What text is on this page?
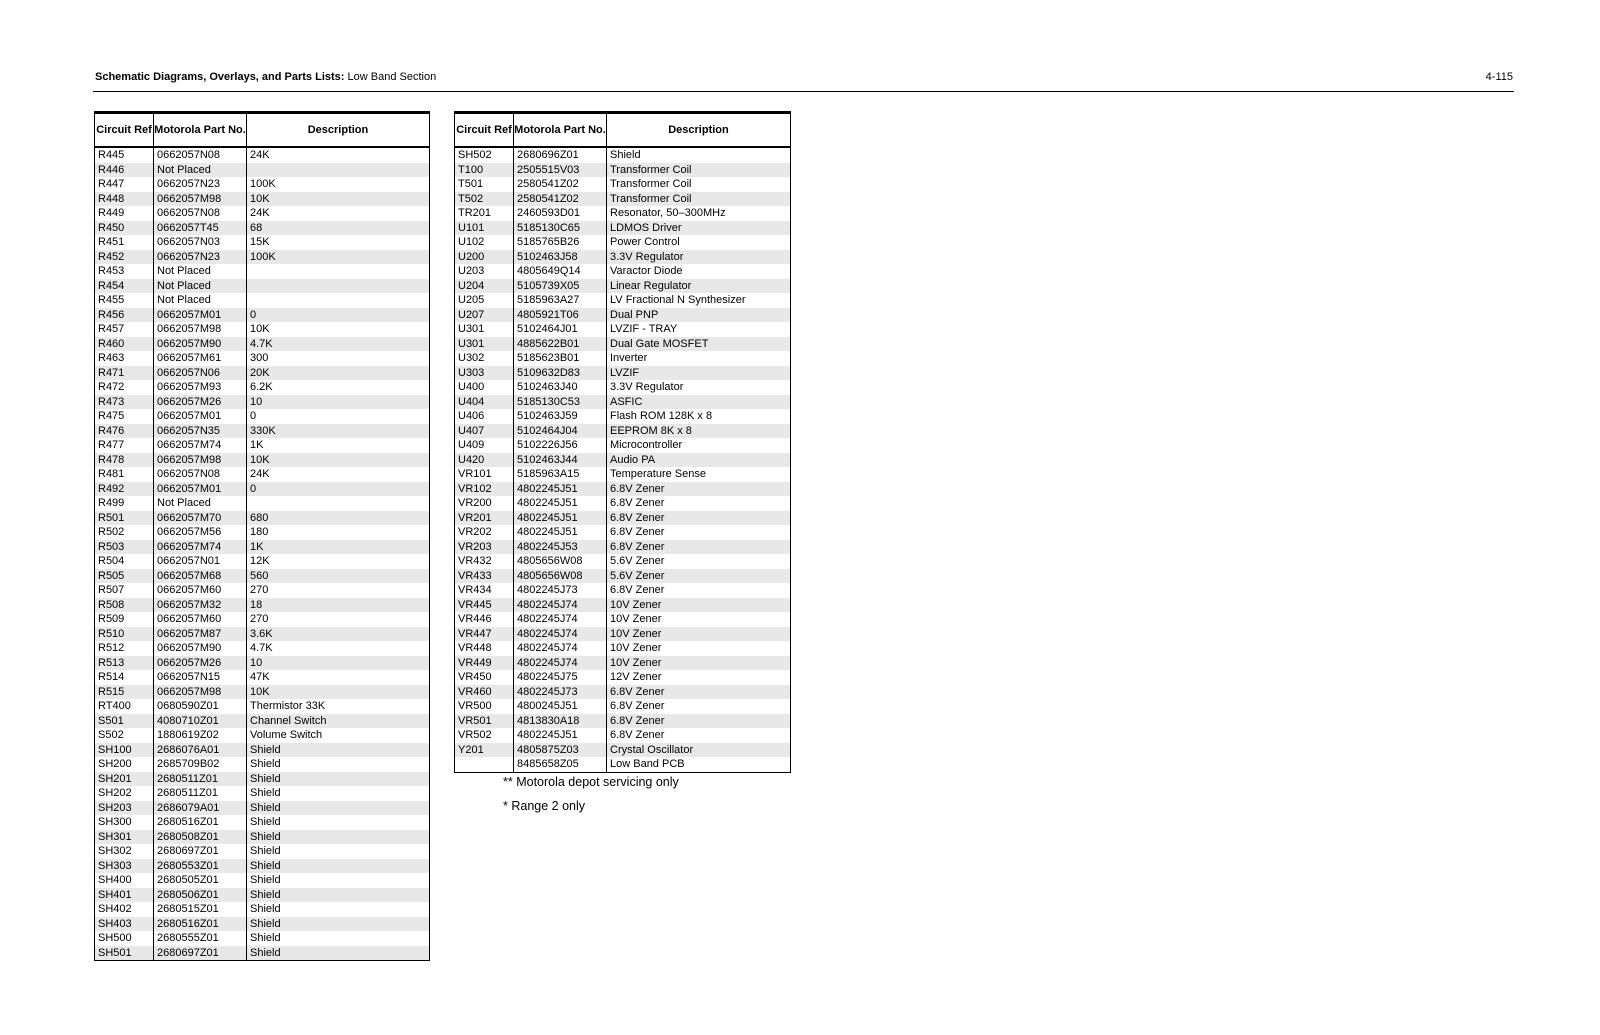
Schematic Diagrams, Overlays, and Parts Lists: Low Band Section	4-115
Circuit Ref	Motorola Part No.	Description
R445	0662057N08	24K
R446	Not Placed	
R447	0662057N23	100K
R448	0662057M98	10K
R449	0662057N08	24K
R450	0662057T45	68
R451	0662057N03	15K
R452	0662057N23	100K
R453	Not Placed	
R454	Not Placed	
R455	Not Placed	
R456	0662057M01	0
R457	0662057M98	10K
R460	0662057M90	4.7K
R463	0662057M61	300
R471	0662057N06	20K
R472	0662057M93	6.2K
R473	0662057M26	10
R475	0662057M01	0
R476	0662057N35	330K
R477	0662057M74	1K
R478	0662057M98	10K
R481	0662057N08	24K
R492	0662057M01	0
R499	Not Placed	
R501	0662057M70	680
R502	0662057M56	180
R503	0662057M74	1K
R504	0662057N01	12K
R505	0662057M68	560
R507	0662057M60	270
R508	0662057M32	18
R509	0662057M60	270
R510	0662057M87	3.6K
R512	0662057M90	4.7K
R513	0662057M26	10
R514	0662057N15	47K
R515	0662057M98	10K
RT400	0680590Z01	Thermistor 33K
S501	4080710Z01	Channel Switch
S502	1880619Z02	Volume Switch
SH100	2686076A01	Shield
SH200	2685709B02	Shield
SH201	2680511Z01	Shield
SH202	2680511Z01	Shield
SH203	2686079A01	Shield
SH300	2680516Z01	Shield
SH301	2680508Z01	Shield
SH302	2680697Z01	Shield
SH303	2680553Z01	Shield
SH400	2680505Z01	Shield
SH401	2680506Z01	Shield
SH402	2680515Z01	Shield
SH403	2680516Z01	Shield
SH500	2680555Z01	Shield
SH501	2680697Z01	Shield
Circuit Ref	Motorola Part No.	Description
SH502	2680696Z01	Shield
T100	2505515V03	Transformer Coil
T501	2580541Z02	Transformer Coil
T502	2580541Z02	Transformer Coil
TR201	2460593D01	Resonator, 50–300MHz
U101	5185130C65	LDMOS Driver
U102	5185765B26	Power Control
U200	5102463J58	3.3V Regulator
U203	4805649Q14	Varactor Diode
U204	5105739X05	Linear Regulator
U205	5185963A27	LV Fractional N Synthesizer
U207	4805921T06	Dual PNP
U301	5102464J01	LVZIF - TRAY
U301	4885622B01	Dual Gate MOSFET
U302	5185623B01	Inverter
U303	5109632D83	LVZIF
U400	5102463J40	3.3V Regulator
U404	5185130C53	ASFIC
U406	5102463J59	Flash ROM 128K x 8
U407	5102464J04	EEPROM 8K x 8
U409	5102226J56	Microcontroller
U420	5102463J44	Audio PA
VR101	5185963A15	Temperature Sense
VR102	4802245J51	6.8V Zener
VR200	4802245J51	6.8V Zener
VR201	4802245J51	6.8V Zener
VR202	4802245J51	6.8V Zener
VR203	4802245J53	6.8V Zener
VR432	4805656W08	5.6V Zener
VR433	4805656W08	5.6V Zener
VR434	4802245J73	6.8V Zener
VR445	4802245J74	10V Zener
VR446	4802245J74	10V Zener
VR447	4802245J74	10V Zener
VR448	4802245J74	10V Zener
VR449	4802245J74	10V Zener
VR450	4802245J75	12V Zener
VR460	4802245J73	6.8V Zener
VR500	4800245J51	6.8V Zener
VR501	4813830A18	6.8V Zener
VR502	4802245J51	6.8V Zener
Y201	4805875Z03	Crystal Oscillator
	8485658Z05	Low Band PCB
** Motorola depot servicing only
* Range 2 only
